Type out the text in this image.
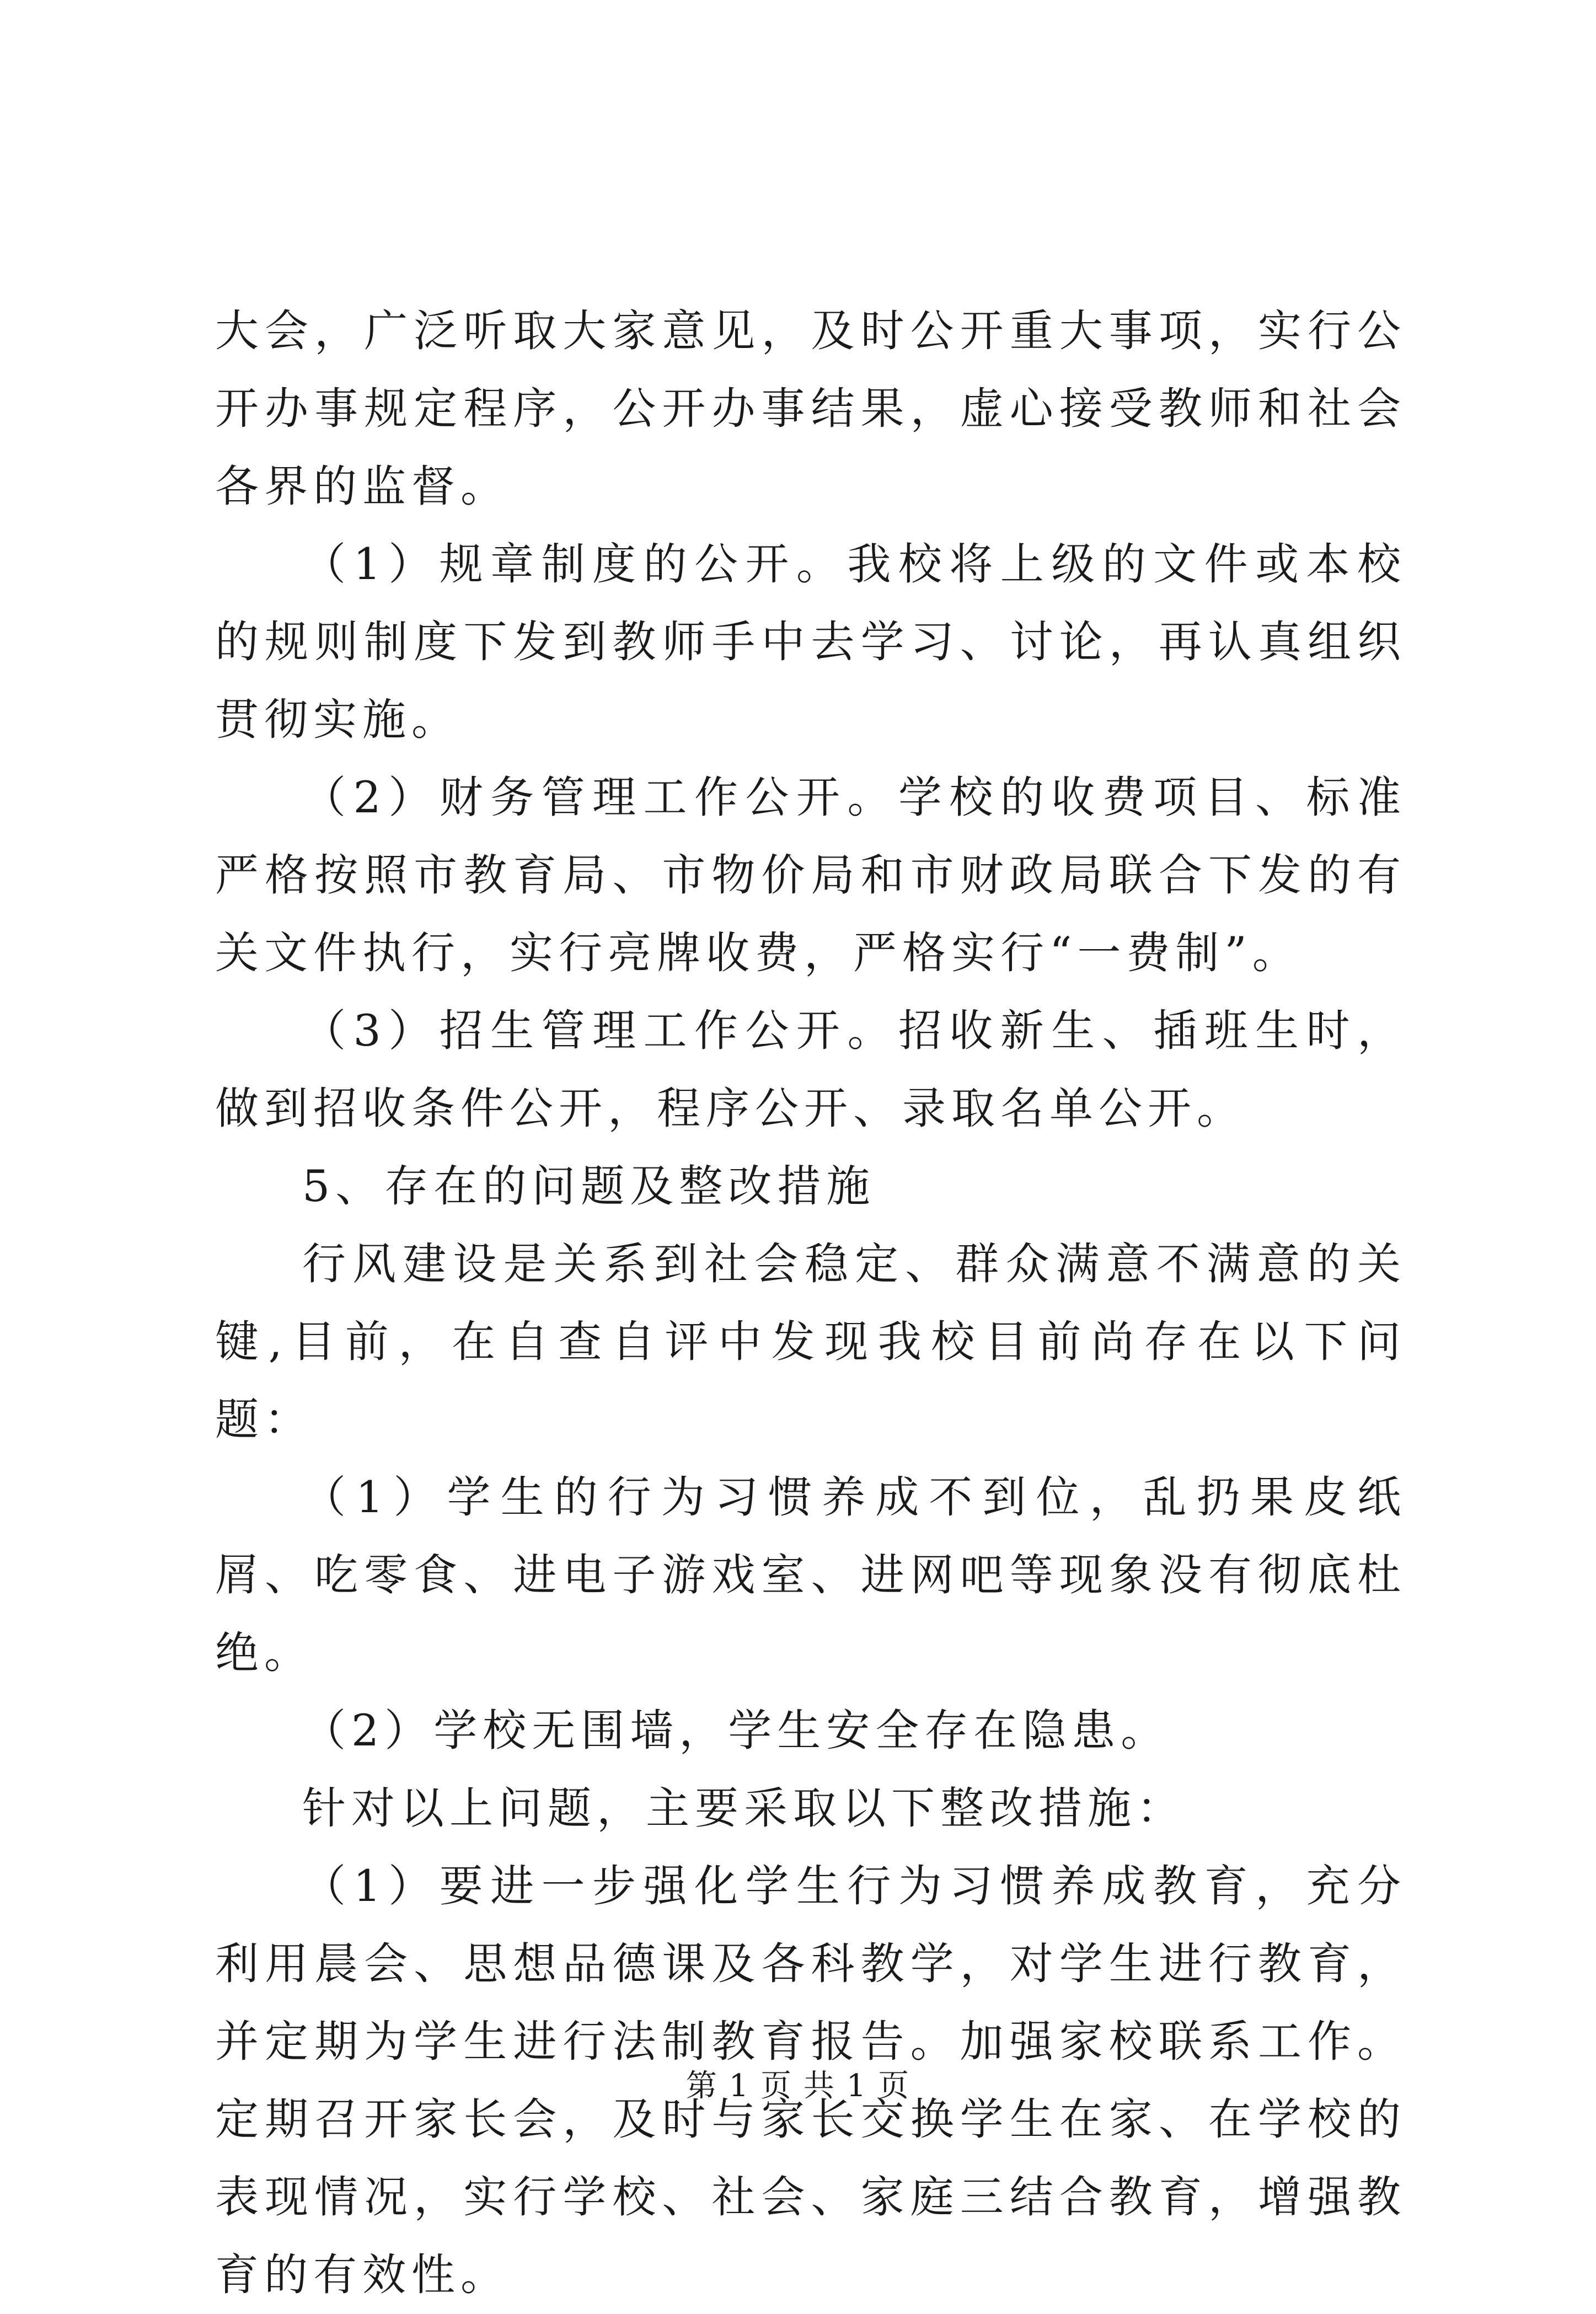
大会，广泛听取大家意见，及时公开重大事项，实行公开办事规定程序，公开办事结果，虚心接受教师和社会各界的监督。

（1）规章制度的公开。我校将上级的文件或本校的规则制度下发到教师手中去学习、讨论，再认真组织贯彻实施。

（2）财务管理工作公开。学校的收费项目、标准严格按照市教育局、市物价局和市财政局联合下发的有关文件执行，实行亮牌收费，严格实行“一费制”。

（3）招生管理工作公开。招收新生、插班生时，做到招收条件公开，程序公开、录取名单公开。

5、存在的问题及整改措施

行风建设是关系到社会稳定、群众满意不满意的关键,目前，在自查自评中发现我校目前尚存在以下问题：

（1）学生的行为习惯养成不到位，乱扔果皮纸屑、吃零食、进电子游戏室、进网吧等现象没有彻底杜绝。

（2）学校无围墙，学生安全存在隐患。

针对以上问题，主要采取以下整改措施：

（1）要进一步强化学生行为习惯养成教育，充分利用晨会、思想品德课及各科教学，对学生进行教育，并定期为学生进行法制教育报告。加强家校联系工作。定期召开家长会，及时与家长交换学生在家、在学校的表现情况，实行学校、社会、家庭三结合教育，增强教育的有效性。

第 1 页 共 1 页
